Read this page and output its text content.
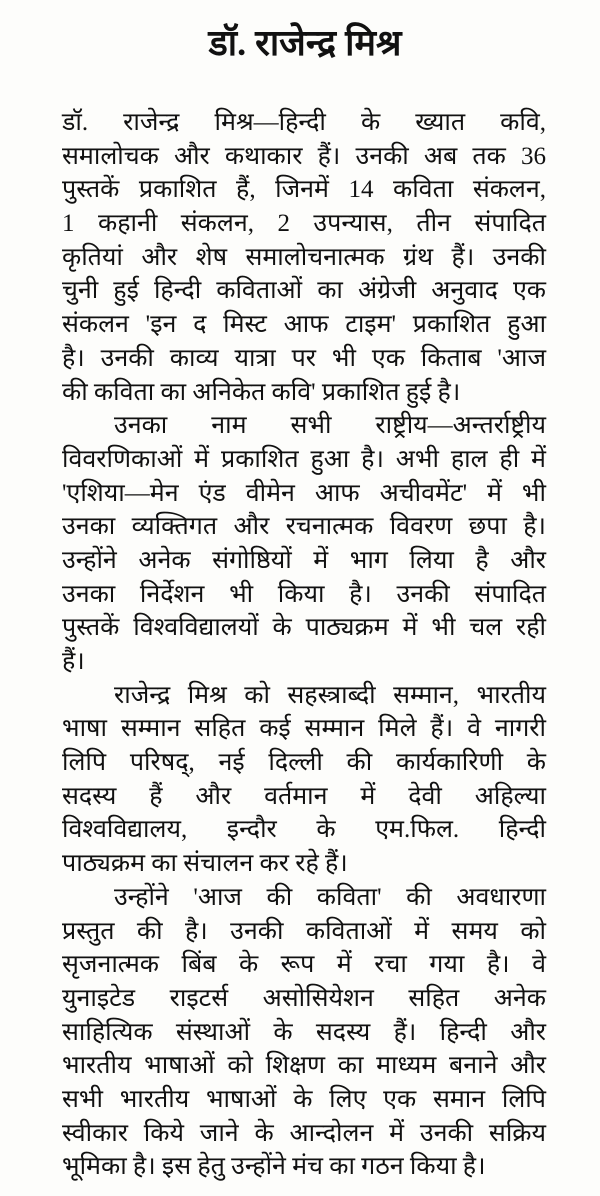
डॉ. राजेन्द्र मिश्र
डॉ. राजेन्द्र मिश्र—हिन्दी के ख्यात कवि,
समालोचक और कथाकार हैं। उनकी अब तक 36
पुस्तकें प्रकाशित हैं, जिनमें 14 कविता संकलन,
1 कहानी संकलन, 2 उपन्यास, तीन संपादित
कृतियां और शेष समालोचनात्मक ग्रंथ हैं। उनकी
चुनी हुई हिन्दी कविताओं का अंग्रेजी अनुवाद एक
संकलन 'इन द मिस्ट आफ टाइम' प्रकाशित हुआ
है। उनकी काव्य यात्रा पर भी एक किताब 'आज
की कविता का अनिकेत कवि' प्रकाशित हुई है।
उनका नाम सभी राष्ट्रीय—अन्तर्राष्ट्रीय
विवरणिकाओं में प्रकाशित हुआ है। अभी हाल ही में
'एशिया—मेन एंड वीमेन आफ अचीवमेंट' में भी
उनका व्यक्तिगत और रचनात्मक विवरण छपा है।
उन्होंने अनेक संगोष्ठियों में भाग लिया है और
उनका निर्देशन भी किया है। उनकी संपादित
पुस्तकें विश्वविद्यालयों के पाठ्यक्रम में भी चल रही
हैं।
राजेन्द्र मिश्र को सहस्त्राब्दी सम्मान, भारतीय
भाषा सम्मान सहित कई सम्मान मिले हैं। वे नागरी
लिपि परिषद्, नई दिल्ली की कार्यकारिणी के
सदस्य हैं और वर्तमान में देवी अहिल्या
विश्वविद्यालय, इन्दौर के एम.फिल. हिन्दी
पाठ्यक्रम का संचालन कर रहे हैं।
उन्होंने 'आज की कविता' की अवधारणा
प्रस्तुत की है। उनकी कविताओं में समय को
सृजनात्मक बिंब के रूप में रचा गया है। वे
युनाइटेड राइटर्स असोसियेशन सहित अनेक
साहित्यिक संस्थाओं के सदस्य हैं। हिन्दी और
भारतीय भाषाओं को शिक्षण का माध्यम बनाने और
सभी भारतीय भाषाओं के लिए एक समान लिपि
स्वीकार किये जाने के आन्दोलन में उनकी सक्रिय
भूमिका है। इस हेतु उन्होंने मंच का गठन किया है।
